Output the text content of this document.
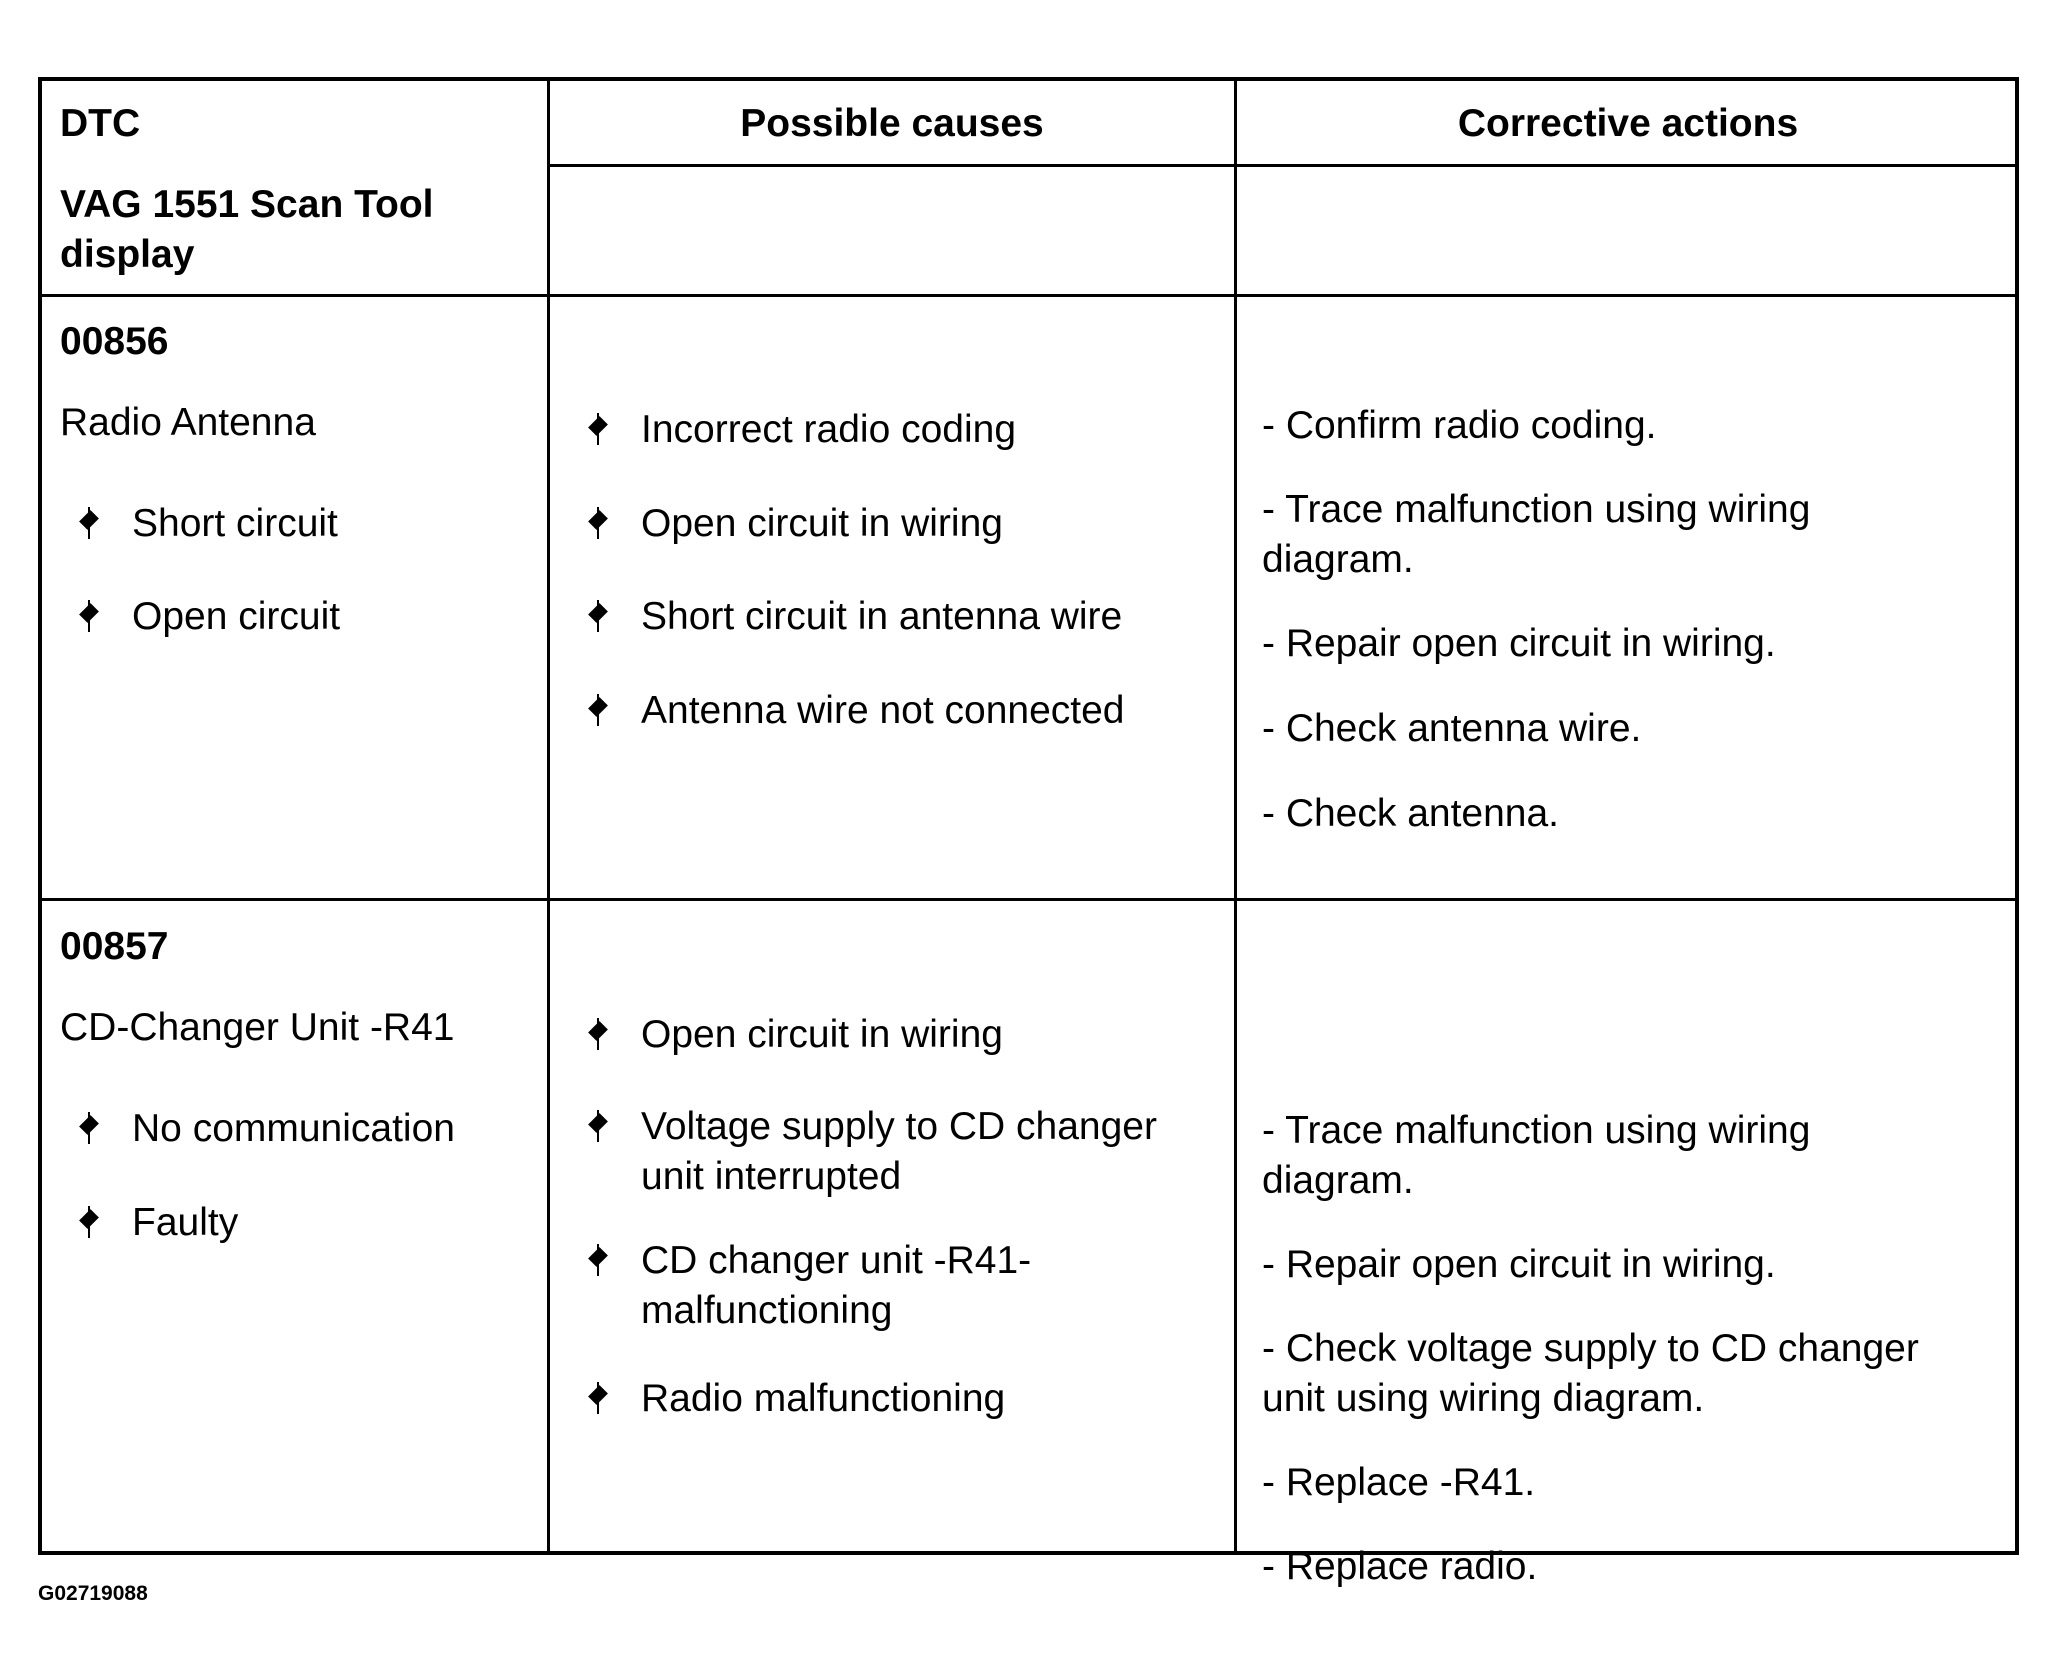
DTC
VAG 1551 Scan Tool display
Possible causes	Corrective actions
00856
Radio Antenna
Short circuit
Open circuit
Incorrect radio coding
Open circuit in wiring
Short circuit in antenna wire
Antenna wire not connected
- Confirm radio coding.
- Trace malfunction using wiring diagram.
- Repair open circuit in wiring.
- Check antenna wire.
- Check antenna.
00857
CD-Changer Unit -R41
No communication
Faulty
Open circuit in wiring
Voltage supply to CD changer unit interrupted
CD changer unit -R41- malfunctioning
Radio malfunctioning
- Trace malfunction using wiring diagram.
- Repair open circuit in wiring.
- Check voltage supply to CD changer unit using wiring diagram.
- Replace -R41.
- Replace radio.
G02719088
